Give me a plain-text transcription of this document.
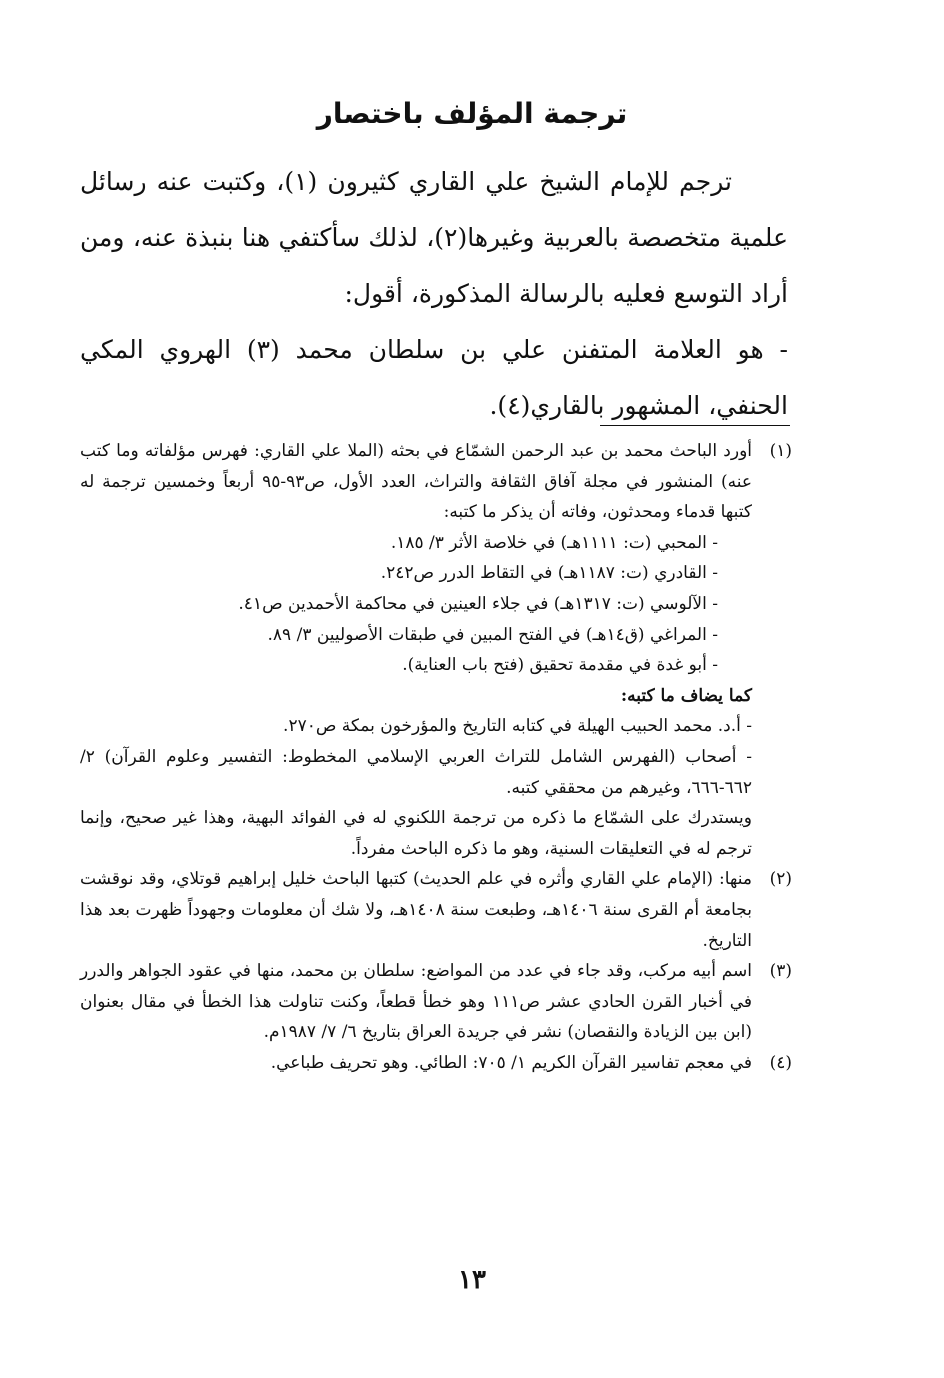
ترجمة المؤلف باختصار

ترجم للإمام الشيخ علي القاري كثيرون (١)، وكتبت عنه رسائل علمية متخصصة بالعربية وغيرها(٢)، لذلك سأكتفي هنا بنبذة عنه، ومن أراد التوسع فعليه بالرسالة المذكورة، أقول:

- هو العلامة المتفنن علي بن سلطان محمد (٣) الهروي المكي الحنفي، المشهور بالقاري(٤).

(١)

أورد الباحث محمد بن عبد الرحمن الشمّاع في بحثه (الملا علي القاري: فهرس مؤلفاته وما كتب عنه) المنشور في مجلة آفاق الثقافة والتراث، العدد الأول، ص٩٣-٩٥ أربعاً وخمسين ترجمة له كتبها قدماء ومحدثون، وفاته أن يذكر ما كتبه:

- المحبي (ت: ١١١١هـ) في خلاصة الأثر ٣/ ١٨٥.

- القادري (ت: ١١٨٧هـ) في التقاط الدرر ص٢٤٢.

- الآلوسي (ت: ١٣١٧هـ) في جلاء العينين في محاكمة الأحمدين ص٤١.

- المراغي (ق١٤هـ) في الفتح المبين في طبقات الأصوليين ٣/ ٨٩.

- أبو غدة في مقدمة تحقيق (فتح باب العناية).

كما يضاف ما كتبه:

- أ.د. محمد الحبيب الهيلة في كتابه التاريخ والمؤرخون بمكة ص٢٧٠.

- أصحاب (الفهرس الشامل للتراث العربي الإسلامي المخطوط: التفسير وعلوم القرآن) ٢/ ٦٦٢-٦٦٦، وغيرهم من محققي كتبه.

ويستدرك على الشمّاع ما ذكره من ترجمة اللكنوي له في الفوائد البهية، وهذا غير صحيح، وإنما ترجم له في التعليقات السنية، وهو ما ذكره الباحث مفرداً.

(٢)

منها: (الإمام علي القاري وأثره في علم الحديث) كتبها الباحث خليل إبراهيم قوتلاي، وقد نوقشت بجامعة أم القرى سنة ١٤٠٦هـ، وطبعت سنة ١٤٠٨هـ، ولا شك أن معلومات وجهوداً ظهرت بعد هذا التاريخ.

(٣)

اسم أبيه مركب، وقد جاء في عدد من المواضع: سلطان بن محمد، منها في عقود الجواهر والدرر في أخبار القرن الحادي عشر ص١١١ وهو خطأ قطعاً، وكنت تناولت هذا الخطأ في مقال بعنوان (ابن بين الزيادة والنقصان) نشر في جريدة العراق بتاريخ ٦/ ٧/ ١٩٨٧م.

(٤)

في معجم تفاسير القرآن الكريم ١/ ٧٠٥: الطائي. وهو تحريف طباعي.

١٣
